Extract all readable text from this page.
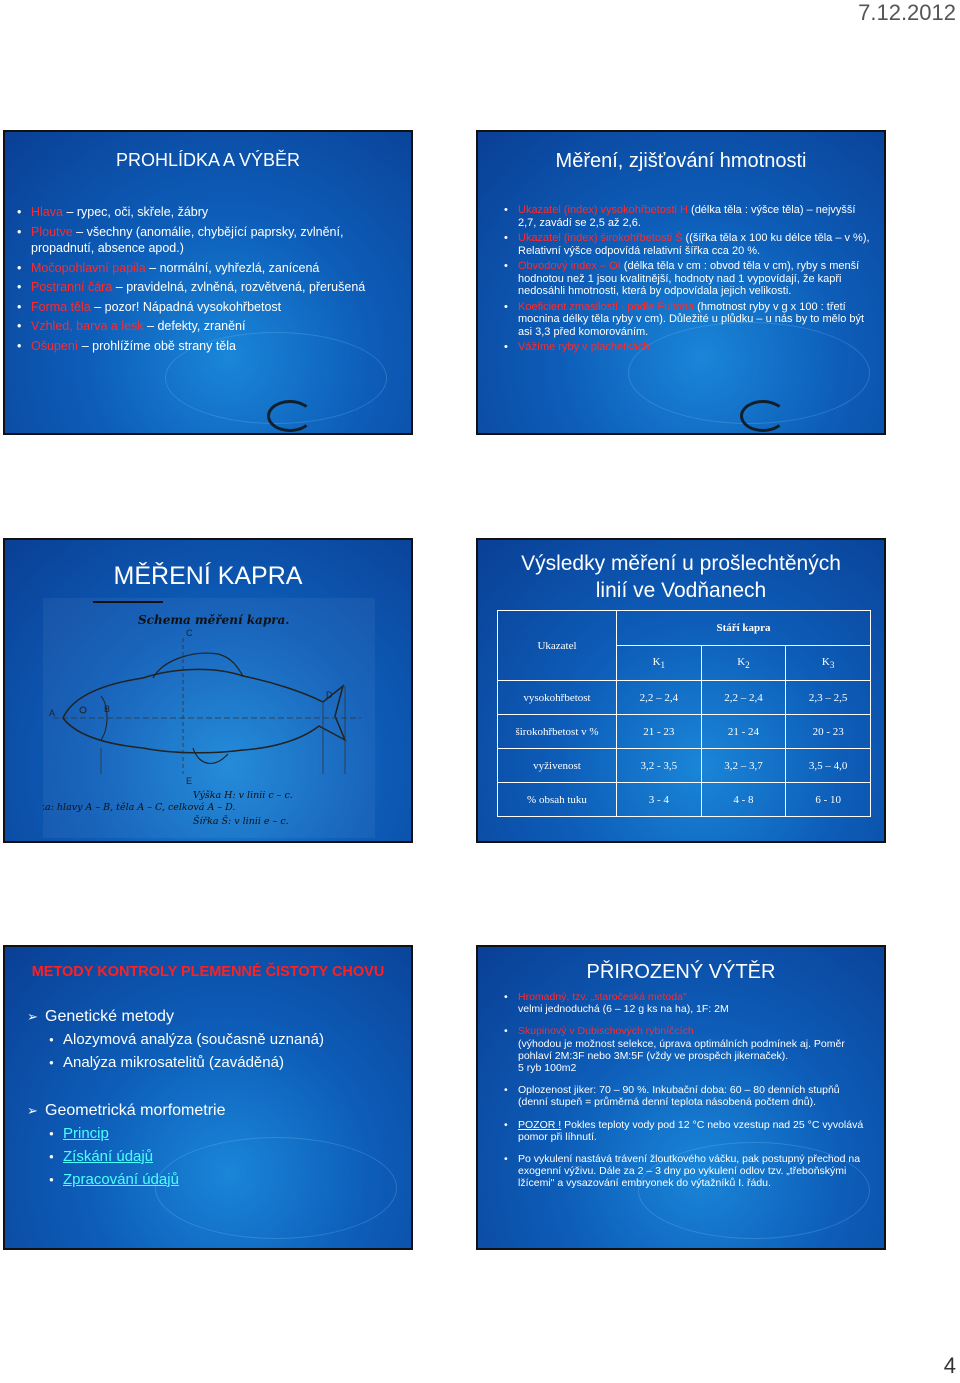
7.12.2012
PROHLÍDKA A VÝBĚR
• Hlava – rypec, oči, skřele, žábry
• Ploutve – všechny (anomálie, chybějící paprsky, zvlnění, propadnutí, absence apod.)
• Močopohlavní papila – normální, vyhřezlá, zanícená
• Postranní čára – pravidelná, zvlněná, rozvětvená, přerušená
• Forma těla – pozor! Nápadná vysokohřbetost
• Vzhled, barva a lesk – defekty, zranění
• Ošupení – prohlížíme obě strany těla
Měření, zjišťování hmotnosti
• Ukazatel (index) vysokohřbetosti H (délka těla : výšce těla) – nejvyšší 2,7, zavádí se 2,5 až 2,6.
• Ukazatel (index) širokohřbetosti Š ((šířka těla x 100 ku délce těla – v %), Relativní výšce odpovídá relativní šířka cca 20 %.
• Obvodový index – OI (délka těla v cm : obvod těla v cm), ryby s menší hodnotou než 1 jsou kvalitnější, hodnoty nad 1 vypovídají, že kapři nedosáhli hmotnosti, která by odpovídala jejich velikosti.
• Koeficient zmasilosti - podle Fultona (hmotnost ryby v g x 100 : třetí mocnina délky těla ryby v cm). Důležité u plůdku – u nás by to mělo být asi 3,3 před komorováním.
• Vážíme ryby v plachetkách.
MĚŘENÍ KAPRA
Schema měření kapra.
A	B
C
D
E
Délka: hlavy A – B, těla A – C, celková A – D.
Výška H: v linii c – c.
Šířka Š: v linii e – c.
Výsledky měření u prošlechtěných
linií ve Vodňanech
Ukazatel	Stáří kapra		
	$K_1$	$K_2$	$K_3$
vysokohřbetost	2,2 – 2,4	2,2 – 2,4	2,3 – 2,5
širokohřbetost v %	21 - 23	21 - 24	20 - 23
vyživenost	3,2 - 3,5	3,2 – 3,7	3,5 – 4,0
% obsah tuku	3 - 4	4 - 8	6 - 10
METODY KONTROLY PLEMENNÉ ČISTOTY CHOVU
➢ Genetické metody
● Alozymová analýza (současně uznaná)
● Analýza mikrosatelitů (zaváděná)
➢ Geometrická morfometrie
● Princip
● Získání údajů
● Zpracování údajů
PŘIROZENÝ VÝTĚR
• Hromadný, tzv. „staročeská metoda"
velmi jednoduchá (6 – 12 g ks na ha), 1F: 2M
• Skupinový v Dubischových rybníčcích
(výhodou je možnost selekce, úprava optimálních podmínek aj. Poměr pohlaví 2M:3F nebo 3M:5F (vždy ve prospěch jikernaček).
5 ryb 100m2
• Oplozenost jiker: 70 – 90 %. Inkubační doba: 60 – 80 denních stupňů (denní stupeň = průměrná denní teplota násobená počtem dnů).
• POZOR ! Pokles teploty vody pod 12 °C nebo vzestup nad 25 °C vyvolává pomor při líhnutí.
• Po vykulení nastává trávení žloutkového váčku, pak postupný přechod na exogenní výživu. Dále za 2 – 3 dny po vykulení odlov tzv. „třeboňskými lžícemi" a vysazování embryonek do výtažníků I. řádu.
4
